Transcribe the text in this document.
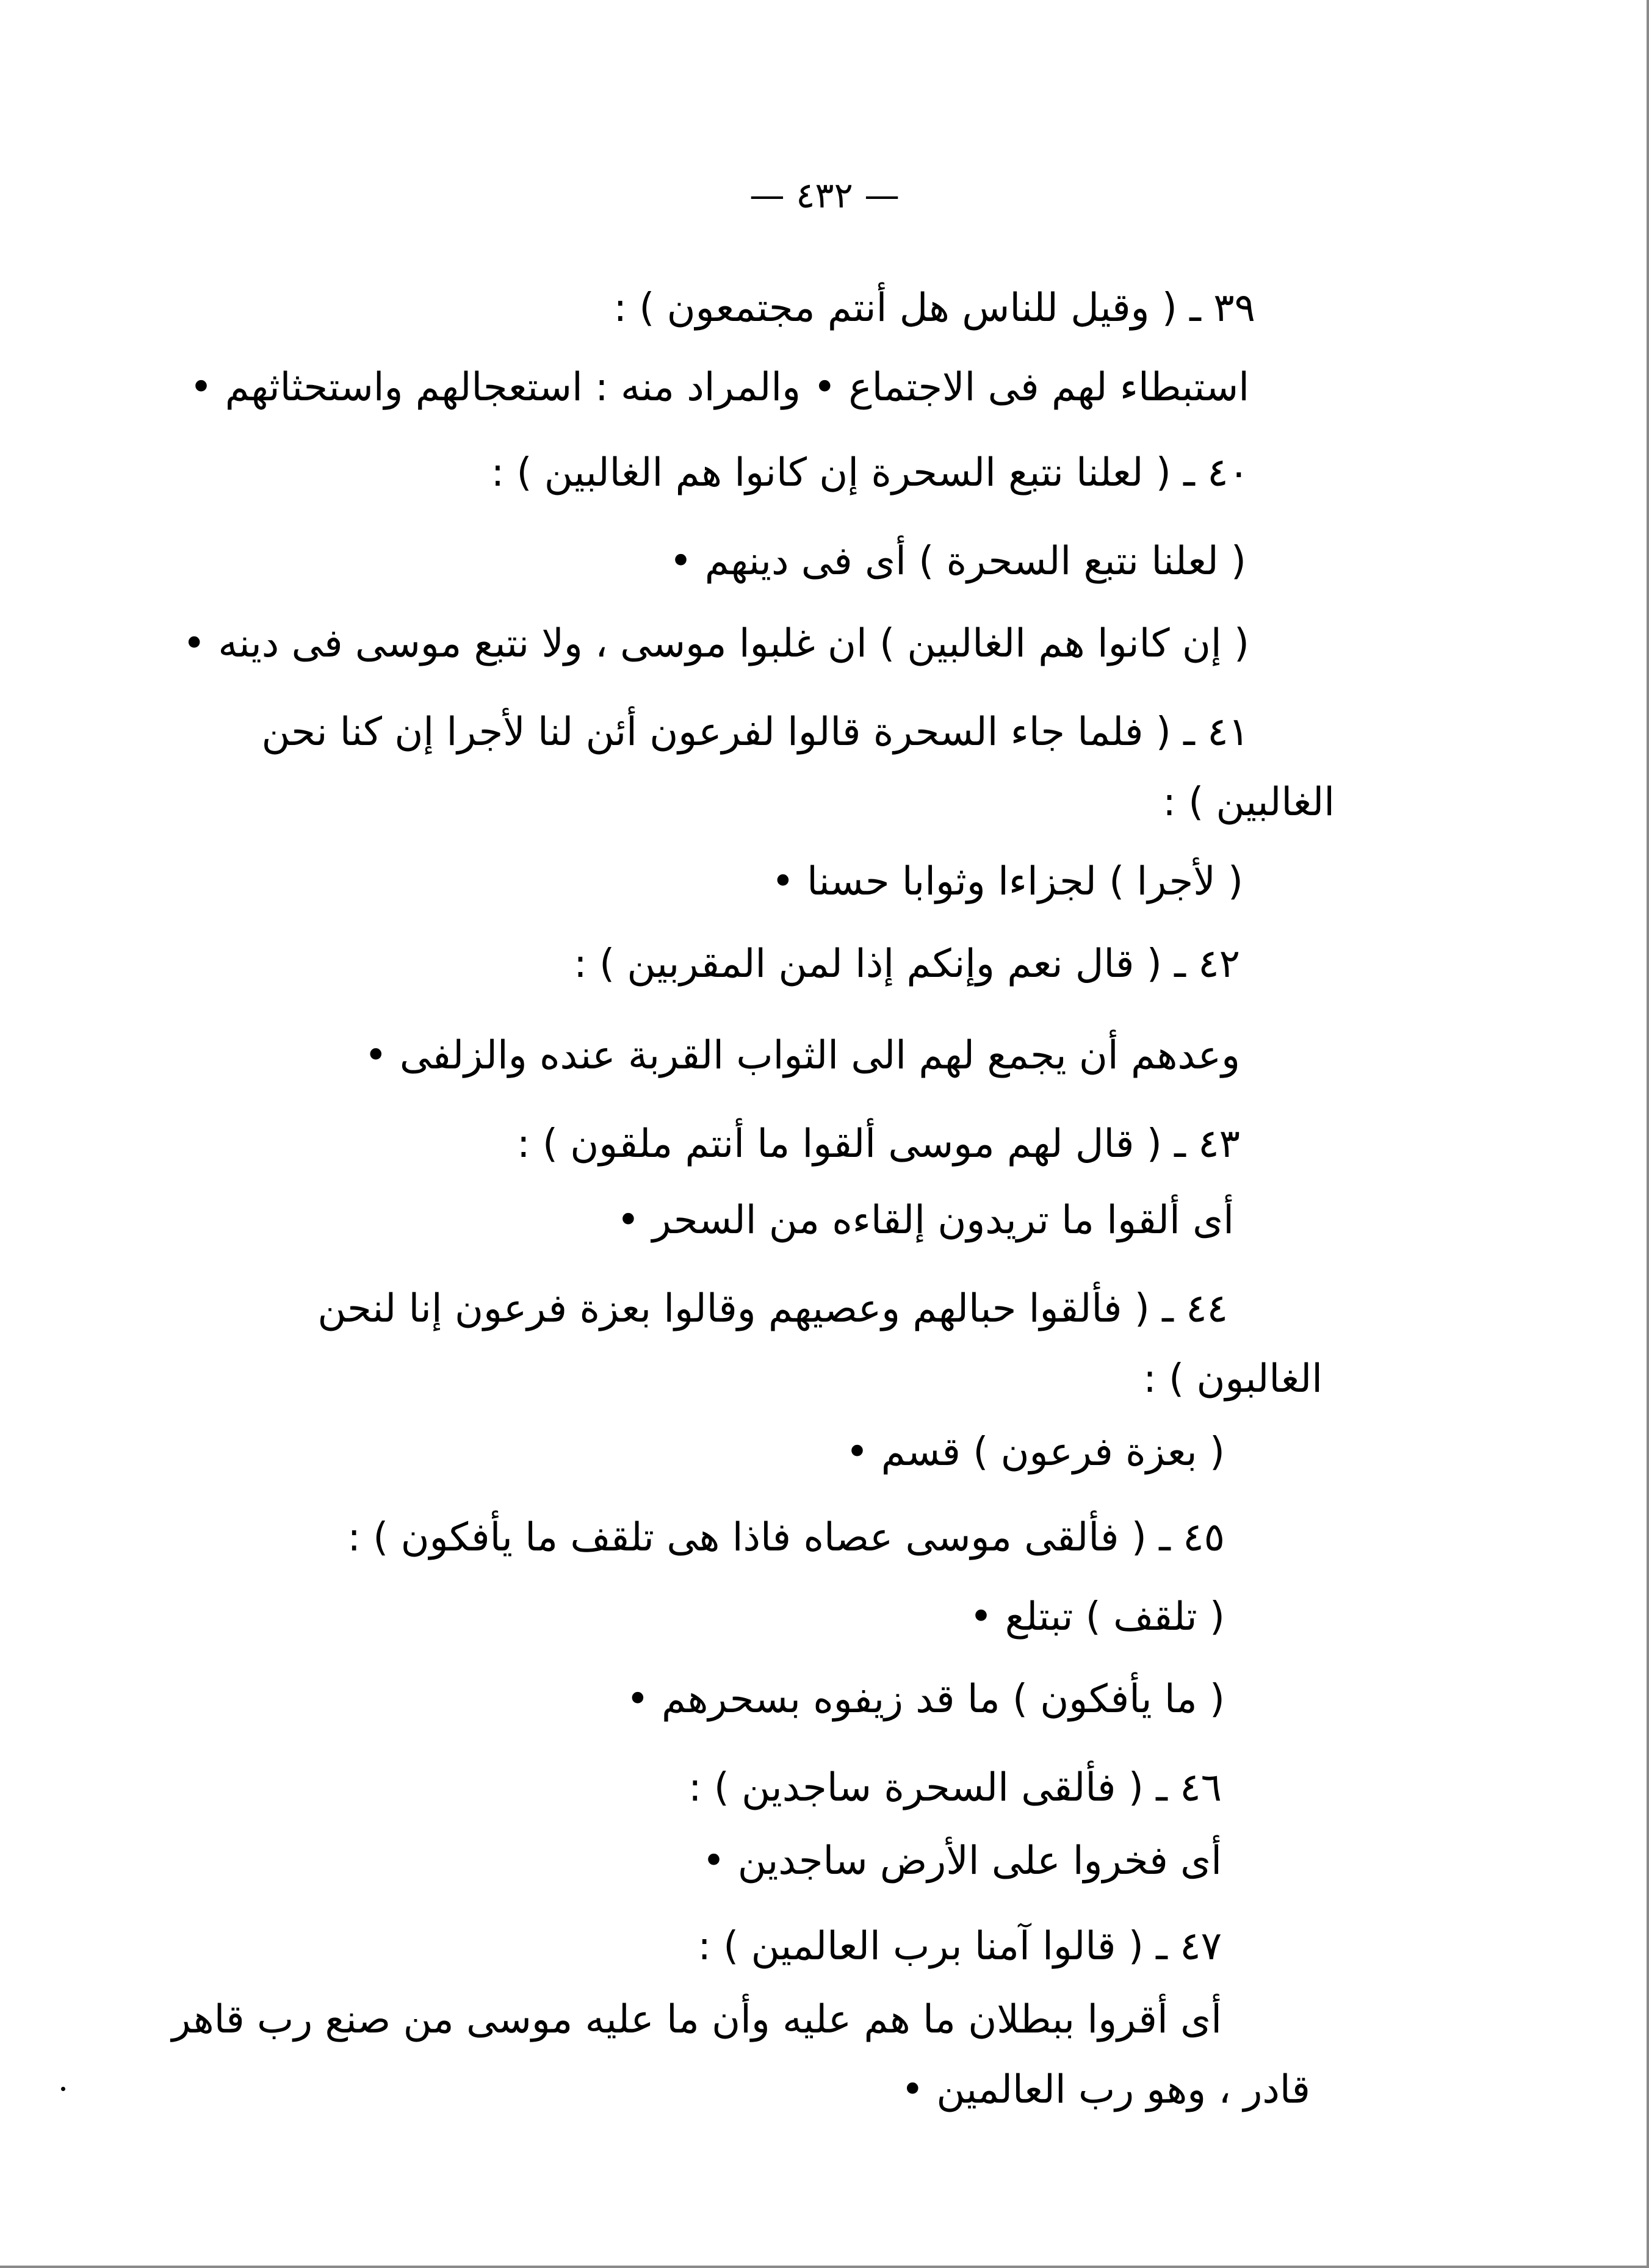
— ٤٣٢ —
٣٩ ـ ( وقيل للناس هل أنتم مجتمعون ) :
استبطاء لهم فى الاجتماع • والمراد منه : استعجالهم واستحثاثهم •
٤٠ ـ ( لعلنا نتبع السحرة إن كانوا هم الغالبين ) :
( لعلنا نتبع السحرة ) أى فى دينهم •
( إن كانوا هم الغالبين ) ان غلبوا موسى ، ولا نتبع موسى فى دينه •
٤١ ـ ( فلما جاء السحرة قالوا لفرعون أئن لنا لأجرا إن كنا نحن
الغالبين ) :
( لأجرا ) لجزاءا وثوابا حسنا •
٤٢ ـ ( قال نعم وإنكم إذا لمن المقربين ) :
وعدهم أن يجمع لهم الى الثواب القربة عنده والزلفى •
٤٣ ـ ( قال لهم موسى ألقوا ما أنتم ملقون ) :
أى ألقوا ما تريدون إلقاءه من السحر •
٤٤ ـ ( فألقوا حبالهم وعصيهم وقالوا بعزة فرعون إنا لنحن
الغالبون ) :
( بعزة فرعون ) قسم •
٤٥ ـ ( فألقى موسى عصاه فاذا هى تلقف ما يأفكون ) :
( تلقف ) تبتلع •
( ما يأفكون ) ما قد زيفوه بسحرهم •
٤٦ ـ ( فألقى السحرة ساجدين ) :
أى فخروا على الأرض ساجدين •
٤٧ ـ ( قالوا آمنا برب العالمين ) :
أى أقروا ببطلان ما هم عليه وأن ما عليه موسى من صنع رب قاهر
قادر ، وهو رب العالمين •
